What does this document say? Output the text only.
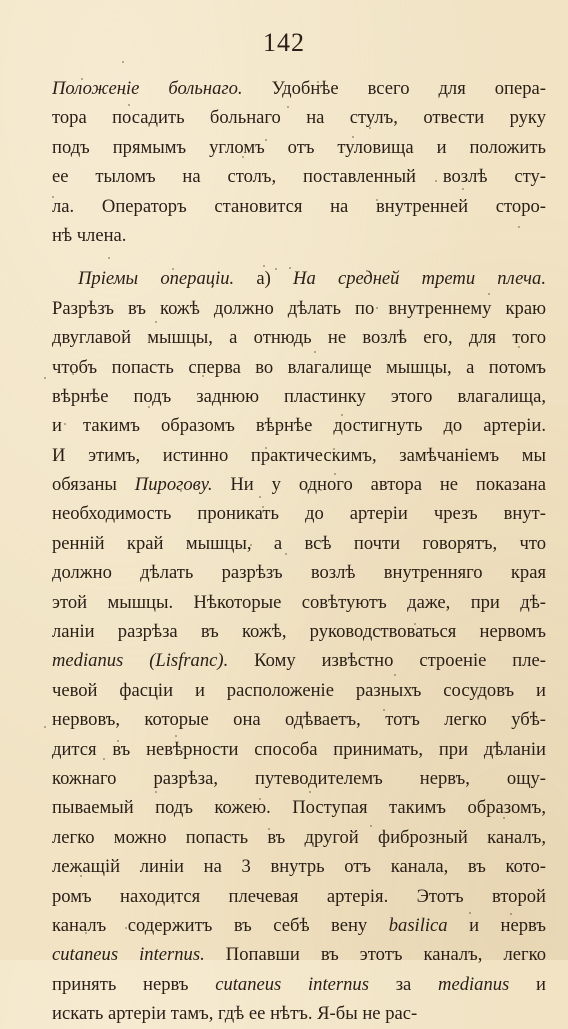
142
Положеніе больнаго. Удобнѣе всего для опера-
тора посадить больнаго на стулъ, отвести руку
подъ прямымъ угломъ отъ туловища и положить
ее тыломъ на столъ, поставленный возлѣ сту-
ла. Операторъ становится на внутренней сторо-
нѣ члена.
Пріемы операціи. а) На средней трети плеча.
Разрѣзъ въ кожѣ должно дѣлать по внутреннему краю
двуглавой мышцы, а отнюдь не возлѣ его, для того
чтобъ попасть сперва во влагалище мышцы, а потомъ
вѣрнѣе подъ заднюю пластинку этого влагалища,
и такимъ образомъ вѣрнѣе достигнуть до артеріи.
И этимъ, истинно практическимъ, замѣчаніемъ мы
обязаны Пирогову. Ни у одного автора не показана
необходимость проникать до артеріи чрезъ внут-
ренній край мышцы, а всѣ почти говорятъ, что
должно дѣлать разрѣзъ возлѣ внутренняго края
этой мышцы. Нѣкоторые совѣтуютъ даже, при дѣ-
ланіи разрѣза въ кожѣ, руководствоваться нервомъ
medianus (Lisfranc). Кому извѣстно строеніе пле-
чевой фасціи и расположеніе разныхъ сосудовъ и
нервовъ, которые она одѣваетъ, тотъ легко убѣ-
дится въ невѣрности способа принимать, при дѣланіи
кожнаго разрѣза, путеводителемъ нервъ, ощу-
пываемый подъ кожею. Поступая такимъ образомъ,
легко можно попасть въ другой фиброзный каналъ,
лежащій линіи на 3 внутрь отъ канала, въ кото-
ромъ находится плечевая артерія. Этотъ второй
каналъ содержитъ въ себѣ вену basilica и нервъ
cutaneus internus. Попавши въ этотъ каналъ, легко
принять нервъ cutaneus internus за medianus и
искать артеріи тамъ, гдѣ ее нѣтъ. Я-бы не рас-
